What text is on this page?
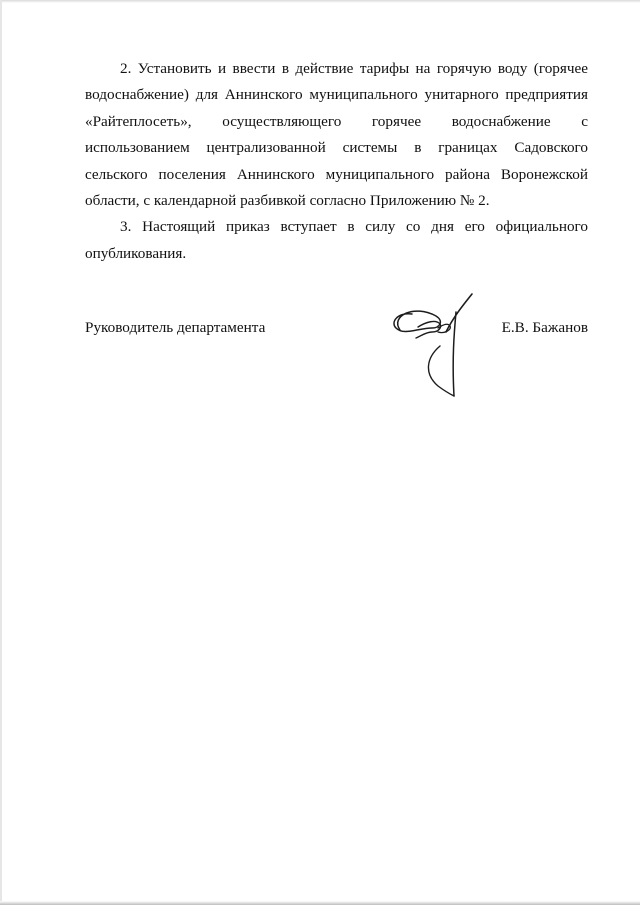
2. Установить и ввести в действие тарифы на горячую воду (горячее водоснабжение) для Аннинского муниципального унитарного предприятия «Райтеплосеть», осуществляющего горячее водоснабжение с использованием централизованной системы в границах Садовского сельского поселения Аннинского муниципального района Воронежской области, с календарной разбивкой согласно Приложению № 2.

3. Настоящий приказ вступает в силу со дня его официального опубликования.

Руководитель департамента	Е.В. Бажанов
